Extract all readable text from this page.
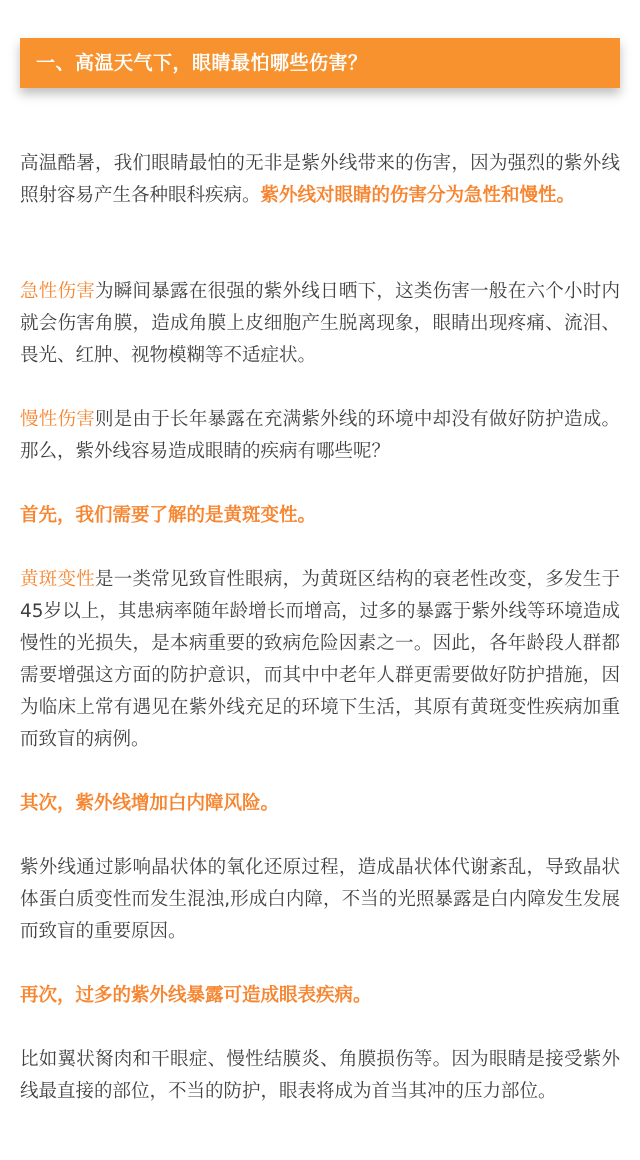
一、高温天气下，眼睛最怕哪些伤害？

高温酷暑，我们眼睛最怕的无非是紫外线带来的伤害，因为强烈的紫外线照射容易产生各种眼科疾病。紫外线对眼睛的伤害分为急性和慢性。

急性伤害为瞬间暴露在很强的紫外线日晒下，这类伤害一般在六个小时内就会伤害角膜，造成角膜上皮细胞产生脱离现象，眼睛出现疼痛、流泪、畏光、红肿、视物模糊等不适症状。

慢性伤害则是由于长年暴露在充满紫外线的环境中却没有做好防护造成。那么，紫外线容易造成眼睛的疾病有哪些呢？

首先，我们需要了解的是黄斑变性。

黄斑变性是一类常见致盲性眼病，为黄斑区结构的衰老性改变，多发生于45岁以上，其患病率随年龄增长而增高，过多的暴露于紫外线等环境造成慢性的光损失，是本病重要的致病危险因素之一。因此，各年龄段人群都需要增强这方面的防护意识，而其中中老年人群更需要做好防护措施，因为临床上常有遇见在紫外线充足的环境下生活，其原有黄斑变性疾病加重而致盲的病例。

其次，紫外线增加白内障风险。

紫外线通过影响晶状体的氧化还原过程，造成晶状体代谢紊乱，导致晶状体蛋白质变性而发生混浊,形成白内障，不当的光照暴露是白内障发生发展而致盲的重要原因。

再次，过多的紫外线暴露可造成眼表疾病。

比如翼状胬肉和干眼症、慢性结膜炎、角膜损伤等。因为眼睛是接受紫外线最直接的部位，不当的防护，眼表将成为首当其冲的压力部位。
